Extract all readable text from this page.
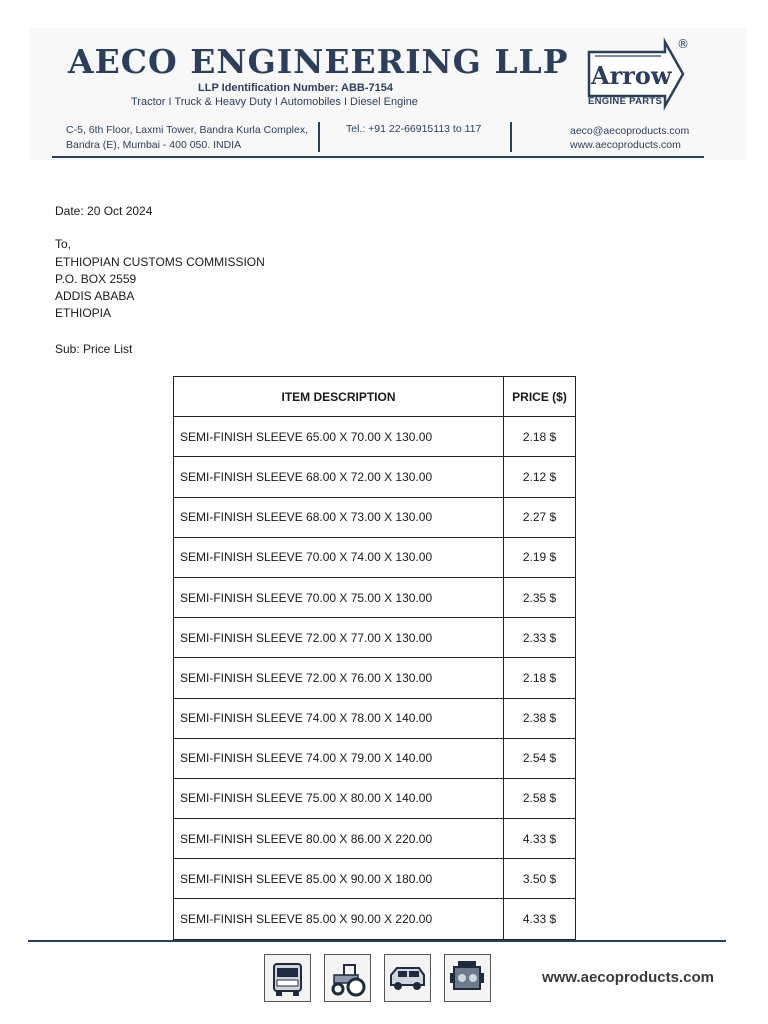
AECO ENGINEERING LLP
LLP Identification Number: ABB-7154
Tractor I Truck & Heavy Duty I Automobiles I Diesel Engine
C-5, 6th Floor, Laxmi Tower, Bandra Kurla Complex,
Bandra (E), Mumbai - 400 050. INDIA
Tel.: +91 22-66915113 to 117	aeco@aecoproducts.com
www.aecoproducts.com
Arrow
®
ENGINE PARTS
Date: 20 Oct 2024
To,
ETHIOPIAN CUSTOMS COMMISSION
P.O. BOX 2559
ADDIS ABABA
ETHIOPIA
Sub: Price List
ITEM DESCRIPTION	PRICE ($)
SEMI-FINISH SLEEVE 65.00 X 70.00 X 130.00	2.18 $
SEMI-FINISH SLEEVE 68.00 X 72.00 X 130.00	2.12 $
SEMI-FINISH SLEEVE 68.00 X 73.00 X 130.00	2.27 $
SEMI-FINISH SLEEVE 70.00 X 74.00 X 130.00	2.19 $
SEMI-FINISH SLEEVE 70.00 X 75.00 X 130.00	2.35 $
SEMI-FINISH SLEEVE 72.00 X 77.00 X 130.00	2.33 $
SEMI-FINISH SLEEVE 72.00 X 76.00 X 130.00	2.18 $
SEMI-FINISH SLEEVE 74.00 X 78.00 X 140.00	2.38 $
SEMI-FINISH SLEEVE 74.00 X 79.00 X 140.00	2.54 $
SEMI-FINISH SLEEVE 75.00 X 80.00 X 140.00	2.58 $
SEMI-FINISH SLEEVE 80.00 X 86.00 X 220.00	4.33 $
SEMI-FINISH SLEEVE 85.00 X 90.00 X 180.00	3.50 $
SEMI-FINISH SLEEVE 85.00 X 90.00 X 220.00	4.33 $
www.aecoproducts.com
